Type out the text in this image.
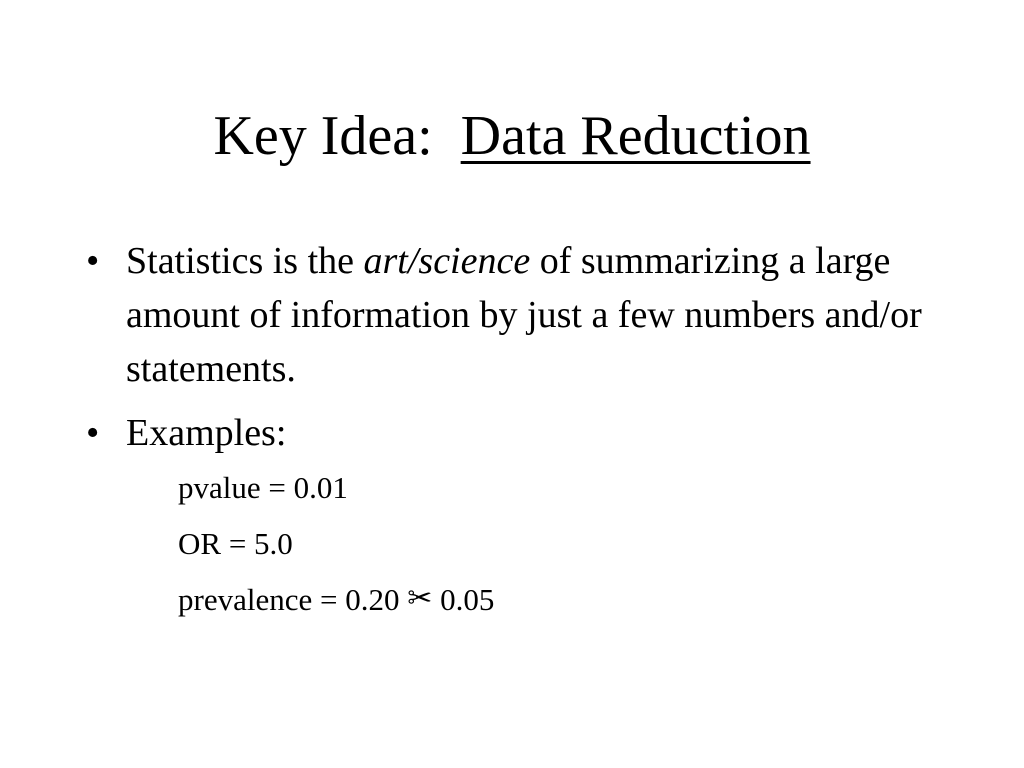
Key Idea:  Data Reduction
• Statistics is the art/science of summarizing a large amount of information by just a few numbers and/or statements.
• Examples:
pvalue = 0.01
OR = 5.0
prevalence = 0.20 ✂ 0.05
